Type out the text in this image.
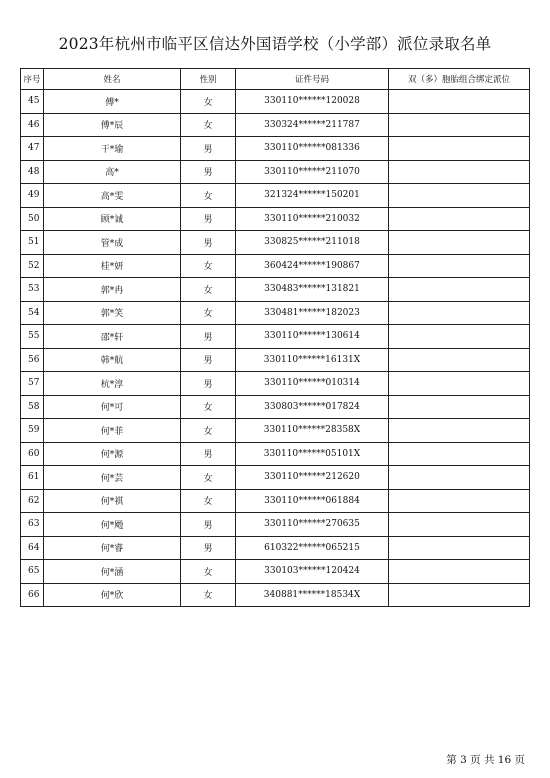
2023年杭州市临平区信达外国语学校（小学部）派位录取名单
序号	姓名	性别	证件号码	双（多）胞胎组合绑定派位
45	傅*	女	330110******120028	
46	傅*辰	女	330324******211787	
47	干*瑜	男	330110******081336	
48	高*	男	330110******211070	
49	高*雯	女	321324******150201	
50	顾*诚	男	330110******210032	
51	管*成	男	330825******211018	
52	桂*妍	女	360424******190867	
53	郭*冉	女	330483******131821	
54	郭*笑	女	330481******182023	
55	邵*轩	男	330110******130614	
56	韩*航	男	330110******16131X	
57	杭*淳	男	330110******010314	
58	何*可	女	330803******017824	
59	何*菲	女	330110******28358X	
60	何*源	男	330110******05101X	
61	何*芸	女	330110******212620	
62	何*祺	女	330110******061884	
63	何*飏	男	330110******270635	
64	何*睿	男	610322******065215	
65	何*涵	女	330103******120424	
66	何*欣	女	340881******18534X	
第 3 页 共 16 页
